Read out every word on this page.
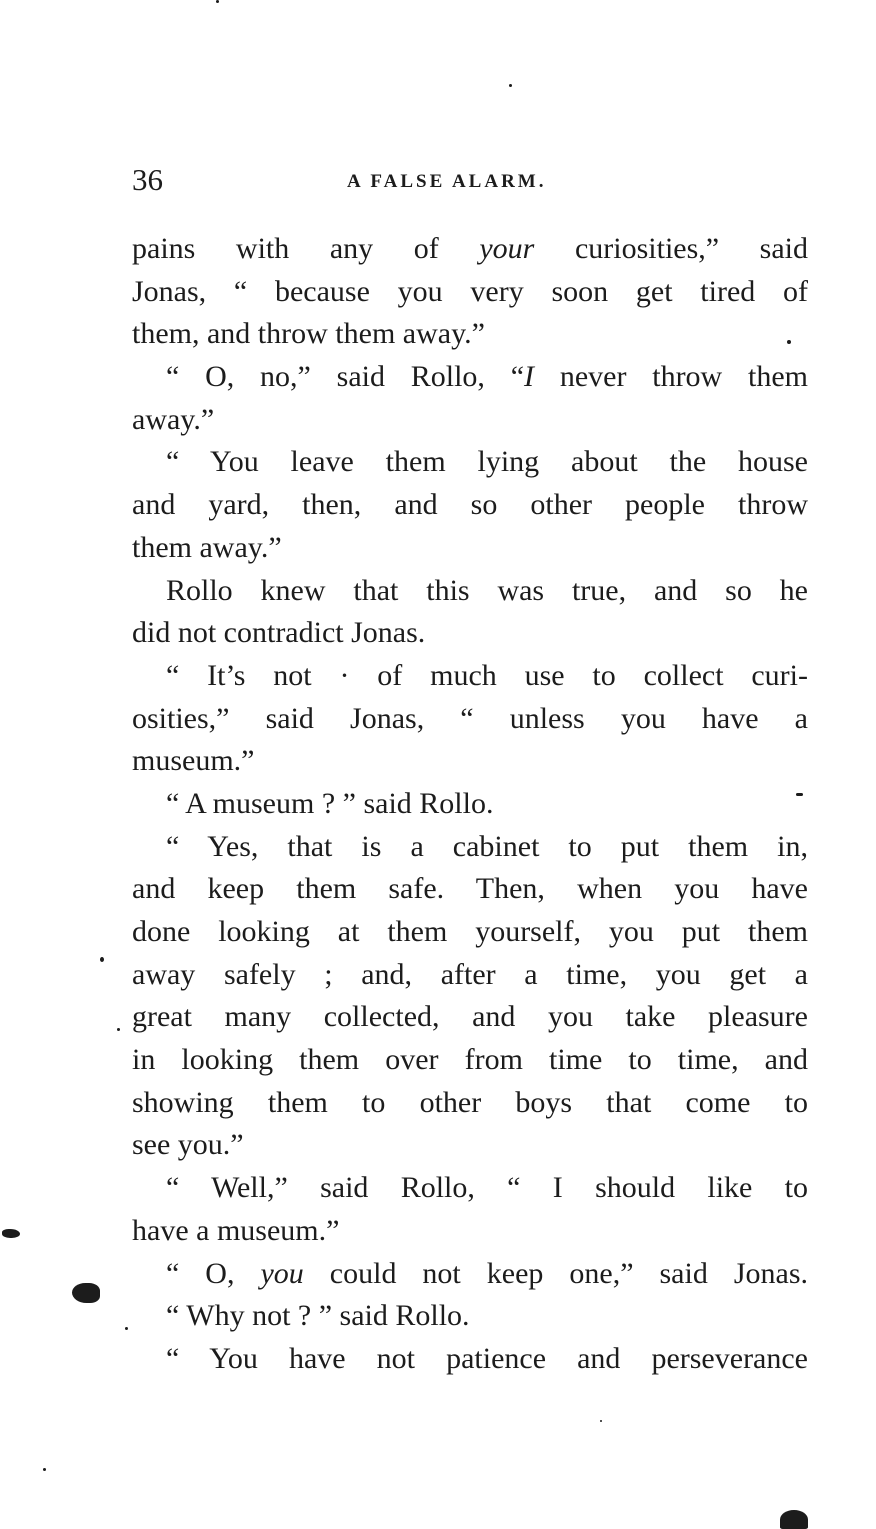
36	A FALSE ALARM.
pains with any of your curiosities,” said
Jonas, “ because you very soon get tired of
them, and throw them away.”
“ O, no,” said Rollo, “I never throw them
away.”
“ You leave them lying about the house
and yard, then, and so other people throw
them away.”
Rollo knew that this was true, and so he
did not contradict Jonas.
“ It’s not · of much use to collect curi-
osities,” said Jonas, “ unless you have a
museum.”
“ A museum ? ” said Rollo.
“ Yes, that is a cabinet to put them in,
and keep them safe. Then, when you have
done looking at them yourself, you put them
away safely ; and, after a time, you get a
great many collected, and you take pleasure
in looking them over from time to time, and
showing them to other boys that come to
see you.”
“ Well,” said Rollo, “ I should like to
have a museum.”
“ O, you could not keep one,” said Jonas.
“ Why not ? ” said Rollo.
“ You have not patience and perseverance
